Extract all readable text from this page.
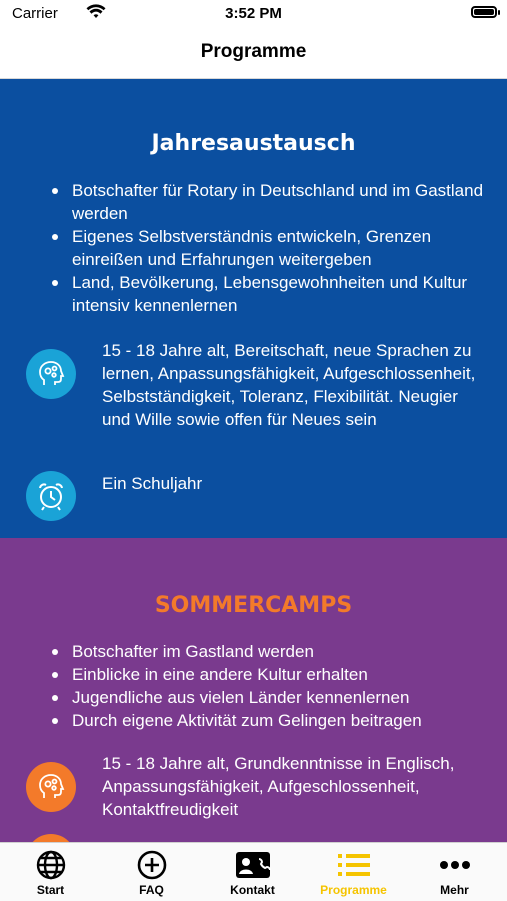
Carrier	3:52 PM
Programme
Jahresaustausch
Botschafter für Rotary in Deutschland und im Gastland werden
Eigenes Selbstverständnis entwickeln, Grenzen einreißen und Erfahrungen weitergeben
Land, Bevölkerung, Lebensgewohnheiten und Kultur intensiv kennenlernen
15 - 18 Jahre alt, Bereitschaft, neue Sprachen zu lernen, Anpassungsfähigkeit, Aufgeschlossenheit, Selbstständigkeit, Toleranz, Flexibilität. Neugier und Wille sowie offen für Neues sein
Ein Schuljahr
SOMMERCAMPS
Botschafter im Gastland werden
Einblicke in eine andere Kultur erhalten
Jugendliche aus vielen Länder kennenlernen
Durch eigene Aktivität zum Gelingen beitragen
15 - 18 Jahre alt, Grundkenntnisse in Englisch, Anpassungsfähigkeit, Aufgeschlossenheit, Kontaktfreudigkeit
Start	FAQ	Kontakt	Programme	Mehr
